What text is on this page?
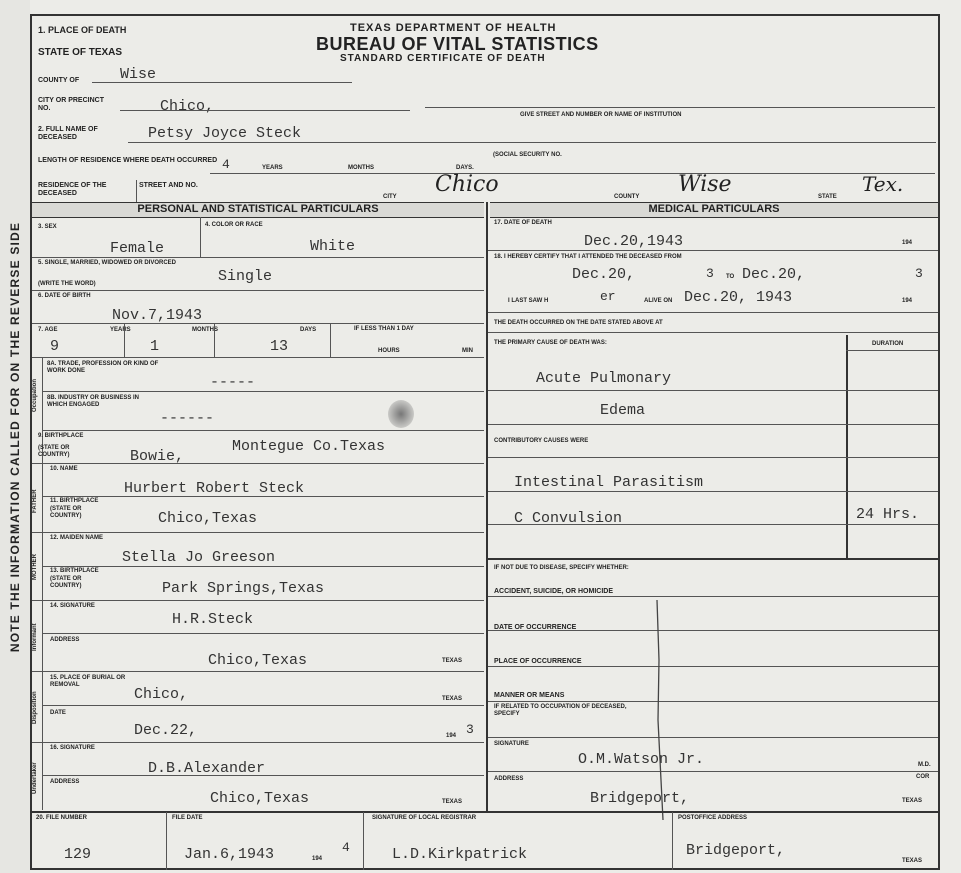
NOTE THE INFORMATION CALLED FOR ON THE REVERSE SIDE
1. PLACE OF DEATH
STATE OF TEXAS
TEXAS DEPARTMENT OF HEALTH
BUREAU OF VITAL STATISTICS
STANDARD CERTIFICATE OF DEATH
COUNTY OF	Wise
CITY OR PRECINCT NO.	Chico,	GIVE STREET AND NUMBER OR NAME OF INSTITUTION
2. FULL NAME OF DECEASED	Petsy Joyce Steck
LENGTH OF RESIDENCE WHERE DEATH OCCURRED 4	YEARS	MONTHS	DAYS.
(SOCIAL SECURITY NO.
RESIDENCE OF THE DECEASED
STREET AND NO.
CITY Chico	COUNTY Wise	STATE
Tex.
PERSONAL AND STATISTICAL PARTICULARS	MEDICAL PARTICULARS
3. SEX
Female
4. COLOR OR RACE
White
5. SINGLE, MARRIED, WIDOWED OR DIVORCED
(WRITE THE WORD)	Single
6. DATE OF BIRTH
Nov.7,1943
7. AGE	YEARS	MONTHS	DAYS	IF LESS THAN 1 DAY
HOURS	MIN
9	1	13
Occupation
8A. TRADE, PROFESSION OR KIND OF WORK DONE
-----
8B. INDUSTRY OR BUSINESS IN WHICH ENGAGED
------
9. BIRTHPLACE
(STATE OR COUNTRY)	Bowie,
Montegue Co.Texas
FATHER
10. NAME
Hurbert Robert Steck
11. BIRTHPLACE
(STATE OR COUNTRY)	Chico,Texas
MOTHER
12. MAIDEN NAME
Stella Jo Greeson
13. BIRTHPLACE
(STATE OR COUNTRY)	Park Springs,Texas
Informant
14. SIGNATURE
H.R.Steck
ADDRESS
Chico,Texas	TEXAS
Disposition
15. PLACE OF BURIAL OR REMOVAL
Chico,	TEXAS
DATE
Dec.22,	194 3
Undertaker
16. SIGNATURE
D.B.Alexander
ADDRESS
Chico,Texas	TEXAS
17. DATE OF DEATH
Dec.20,1943	194
18. I HEREBY CERTIFY THAT I ATTENDED THE DECEASED FROM
Dec.20,	3 TO Dec.20,	3
I LAST SAW H	er	ALIVE ON Dec.20, 1943	194
THE DEATH OCCURRED ON THE DATE STATED ABOVE AT
THE PRIMARY CAUSE OF DEATH WAS:	DURATION
Acute Pulmonary
Edema
CONTRIBUTORY CAUSES WERE
Intestinal Parasitism
C Convulsion	24 Hrs.
IF NOT DUE TO DISEASE, SPECIFY WHETHER:
ACCIDENT, SUICIDE, OR HOMICIDE
DATE OF OCCURRENCE
PLACE OF OCCURRENCE
MANNER OR MEANS
IF RELATED TO OCCUPATION OF DECEASED, SPECIFY
SIGNATURE
O.M.Watson Jr.	M.D.
COR
ADDRESS
Bridgeport,	TEXAS
20. FILE NUMBER
129
FILE DATE
Jan.6,1943	194
4
SIGNATURE OF LOCAL REGISTRAR
L.D.Kirkpatrick
POSTOFFICE ADDRESS
Bridgeport,
TEXAS
